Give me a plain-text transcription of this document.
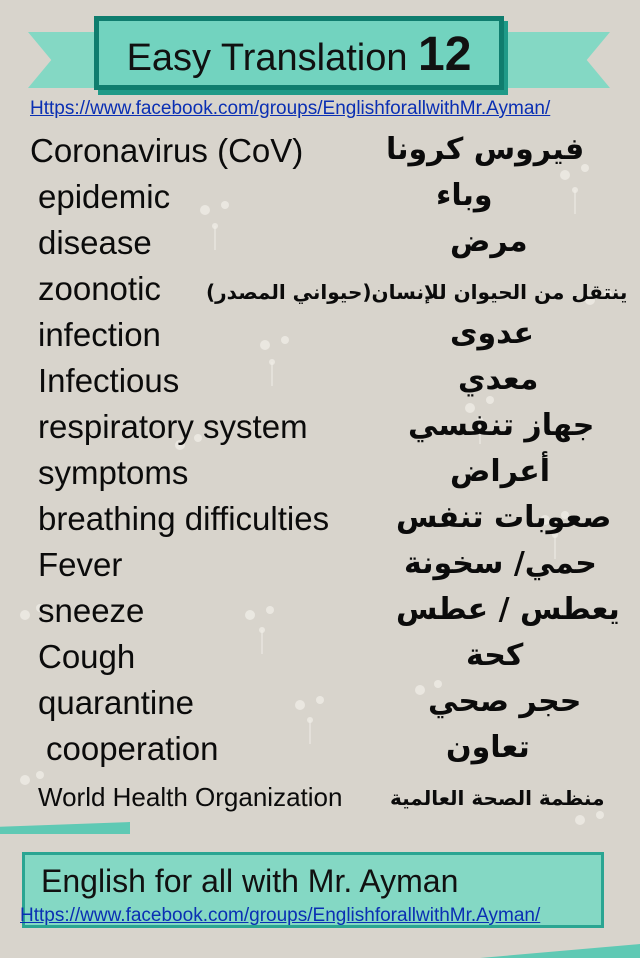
Easy Translation 12
Https://www.facebook.com/groups/EnglishforallwithMr.Ayman/
Coronavirus (CoV)	فيروس كرونا
epidemic	وباء
disease	مرض
zoonotic ينتقل من الحيوان للإنسان(حيواني المصدر)
infection	عدوى
Infectious	معدي
respiratory system	جهاز تنفسي
symptoms	أعراض
breathing difficulties صعوبات تنفس
Fever	حمي/ سخونة
sneeze	يعطس / عطس
Cough	كحة
quarantine	حجر صحي
cooperation	تعاون
World Health Organization منظمة الصحة العالمية
English for all with Mr. Ayman
Https://www.facebook.com/groups/EnglishforallwithMr.Ayman/
